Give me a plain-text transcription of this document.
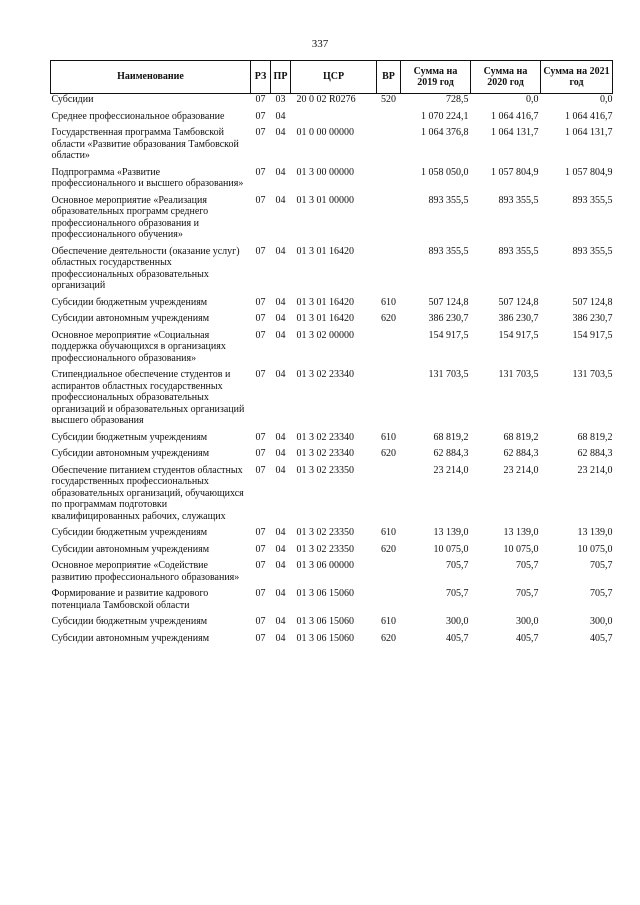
337
Наименование	РЗ	ПР	ЦСР	ВР	Сумма на 2019 год	Сумма на 2020 год	Сумма на 2021 год
Субсидии	07	03	20 0 02 R0276	520	728,5	0,0	0,0
Среднее профессиональное образование	07	04			1 070 224,1	1 064 416,7	1 064 416,7
Государственная программа Тамбовской области «Развитие образования Тамбовской области»	07	04	01 0 00 00000		1 064 376,8	1 064 131,7	1 064 131,7
Подпрограмма «Развитие профессионального и высшего образования»	07	04	01 3 00 00000		1 058 050,0	1 057 804,9	1 057 804,9
Основное мероприятие «Реализация образовательных программ среднего профессионального образования и профессионального обучения»	07	04	01 3 01 00000		893 355,5	893 355,5	893 355,5
Обеспечение деятельности (оказание услуг) областных государственных профессиональных образовательных организаций	07	04	01 3 01 16420		893 355,5	893 355,5	893 355,5
Субсидии бюджетным учреждениям	07	04	01 3 01 16420	610	507 124,8	507 124,8	507 124,8
Субсидии автономным учреждениям	07	04	01 3 01 16420	620	386 230,7	386 230,7	386 230,7
Основное мероприятие «Социальная поддержка обучающихся в организациях профессионального образования»	07	04	01 3 02 00000		154 917,5	154 917,5	154 917,5
Стипендиальное обеспечение студентов и аспирантов областных государственных профессиональных образовательных организаций и образовательных организаций высшего образования	07	04	01 3 02 23340		131 703,5	131 703,5	131 703,5
Субсидии бюджетным учреждениям	07	04	01 3 02 23340	610	68 819,2	68 819,2	68 819,2
Субсидии автономным учреждениям	07	04	01 3 02 23340	620	62 884,3	62 884,3	62 884,3
Обеспечение питанием студентов областных государственных профессиональных образовательных организаций, обучающихся по программам подготовки квалифицированных рабочих, служащих	07	04	01 3 02 23350		23 214,0	23 214,0	23 214,0
Субсидии бюджетным учреждениям	07	04	01 3 02 23350	610	13 139,0	13 139,0	13 139,0
Субсидии автономным учреждениям	07	04	01 3 02 23350	620	10 075,0	10 075,0	10 075,0
Основное мероприятие «Содействие развитию профессионального образования»	07	04	01 3 06 00000		705,7	705,7	705,7
Формирование и развитие кадрового потенциала Тамбовской области	07	04	01 3 06 15060		705,7	705,7	705,7
Субсидии бюджетным учреждениям	07	04	01 3 06 15060	610	300,0	300,0	300,0
Субсидии автономным учреждениям	07	04	01 3 06 15060	620	405,7	405,7	405,7
